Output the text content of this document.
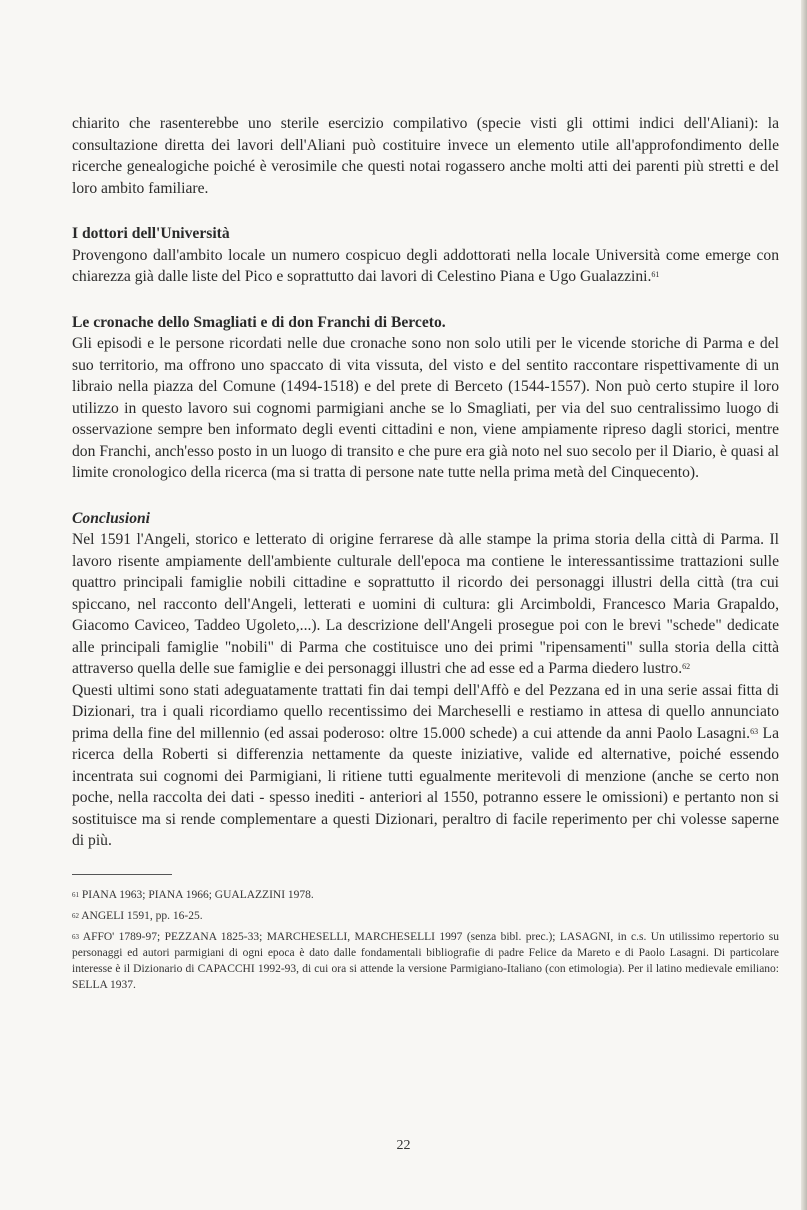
chiarito che rasenterebbe uno sterile esercizio compilativo (specie visti gli ottimi indici dell'Aliani): la consultazione diretta dei lavori dell'Aliani può costituire invece un elemento utile all'approfondimento delle ricerche genealogiche poiché è verosimile che questi notai rogassero anche molti atti dei parenti più stretti e del loro ambito familiare.

I dottori dell'Università

Provengono dall'ambito locale un numero cospicuo degli addottorati nella locale Università come emerge con chiarezza già dalle liste del Pico e soprattutto dai lavori di Celestino Piana e Ugo Gualazzini.$^{61}$

Le cronache dello Smagliati e di don Franchi di Berceto.

Gli episodi e le persone ricordati nelle due cronache sono non solo utili per le vicende storiche di Parma e del suo territorio, ma offrono uno spaccato di vita vissuta, del visto e del sentito raccontare rispettivamente di un libraio nella piazza del Comune (1494-1518) e del prete di Berceto (1544-1557). Non può certo stupire il loro utilizzo in questo lavoro sui cognomi parmigiani anche se lo Smagliati, per via del suo centralissimo luogo di osservazione sempre ben informato degli eventi cittadini e non, viene ampiamente ripreso dagli storici, mentre don Franchi, anch'esso posto in un luogo di transito e che pure era già noto nel suo secolo per il Diario, è quasi al limite cronologico della ricerca (ma si tratta di persone nate tutte nella prima metà del Cinquecento).

Conclusioni

Nel 1591 l'Angeli, storico e letterato di origine ferrarese dà alle stampe la prima storia della città di Parma. Il lavoro risente ampiamente dell'ambiente culturale dell'epoca ma contiene le interessantissime trattazioni sulle quattro principali famiglie nobili cittadine e soprattutto il ricordo dei personaggi illustri della città (tra cui spiccano, nel racconto dell'Angeli, letterati e uomini di cultura: gli Arcimboldi, Francesco Maria Grapaldo, Giacomo Caviceo, Taddeo Ugoleto,...). La descrizione dell'Angeli prosegue poi con le brevi "schede" dedicate alle principali famiglie "nobili" di Parma che costituisce uno dei primi "ripensamenti" sulla storia della città attraverso quella delle sue famiglie e dei personaggi illustri che ad esse ed a Parma diedero lustro.$^{62}$

Questi ultimi sono stati adeguatamente trattati fin dai tempi dell'Affò e del Pezzana ed in una serie assai fitta di Dizionari, tra i quali ricordiamo quello recentissimo dei Marcheselli e restiamo in attesa di quello annunciato prima della fine del millennio (ed assai poderoso: oltre 15.000 schede) a cui attende da anni Paolo Lasagni.$^{63}$ La ricerca della Roberti si differenzia nettamente da queste iniziative, valide ed alternative, poiché essendo incentrata sui cognomi dei Parmigiani, li ritiene tutti egualmente meritevoli di menzione (anche se certo non poche, nella raccolta dei dati - spesso inediti - anteriori al 1550, potranno essere le omissioni) e pertanto non si sostituisce ma si rende complementare a questi Dizionari, peraltro di facile reperimento per chi volesse saperne di più.

$^{61}$ PIANA 1963; PIANA 1966; GUALAZZINI 1978.

$^{62}$ ANGELI 1591, pp. 16-25.

$^{63}$ AFFO' 1789-97; PEZZANA 1825-33; MARCHESELLI, MARCHESELLI 1997 (senza bibl. prec.); LASAGNI, in c.s. Un utilissimo repertorio su personaggi ed autori parmigiani di ogni epoca è dato dalle fondamentali bibliografie di padre Felice da Mareto e di Paolo Lasagni. Di particolare interesse è il Dizionario di CAPACCHI 1992-93, di cui ora si attende la versione Parmigiano-Italiano (con etimologia). Per il latino medievale emiliano: SELLA 1937.

22
